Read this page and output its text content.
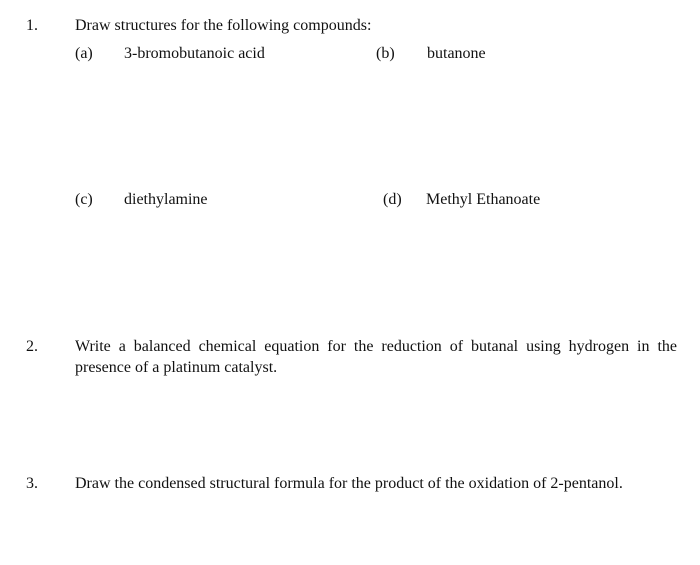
1. Draw structures for the following compounds:
(a) 3-bromobutanoic acid	(b) butanone
(c) diethylamine	(d) Methyl Ethanoate
2. Write a balanced chemical equation for the reduction of butanal using hydrogen in the presence of a platinum catalyst.
3. Draw the condensed structural formula for the product of the oxidation of 2-pentanol.
